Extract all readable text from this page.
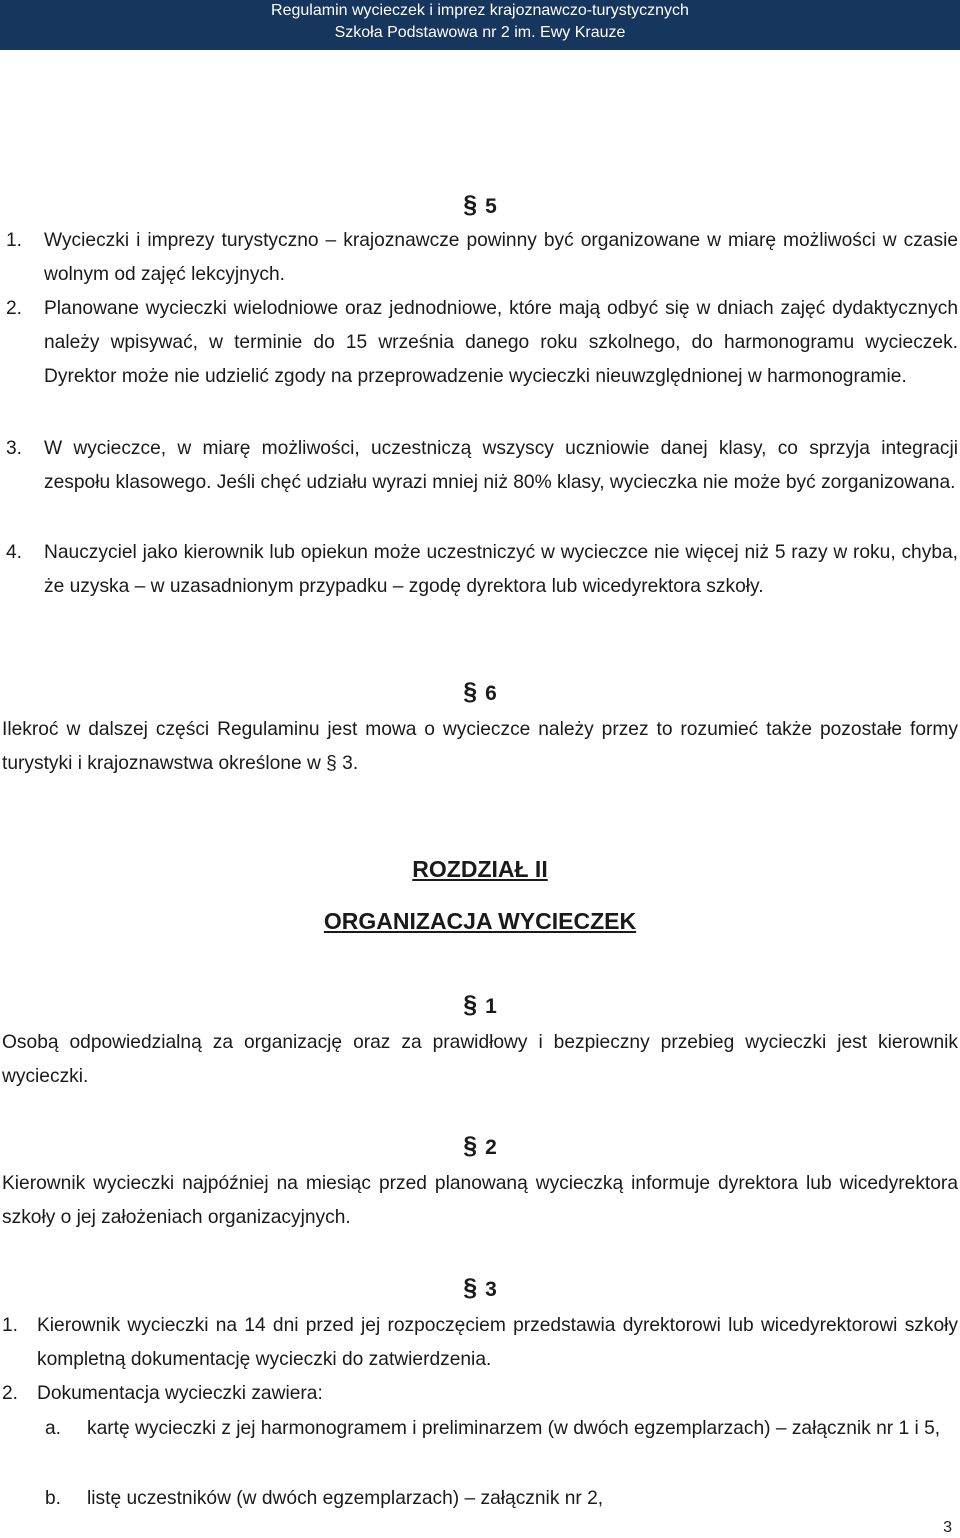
Regulamin wycieczek i imprez krajoznawczo-turystycznych
Szkoła Podstawowa nr 2 im. Ewy Krauze
§ 5
1. Wycieczki i imprezy turystyczno – krajoznawcze powinny być organizowane w miarę możliwości w czasie wolnym od zajęć lekcyjnych.
2. Planowane wycieczki wielodniowe oraz jednodniowe, które mają odbyć się w dniach zajęć dydaktycznych należy wpisywać, w terminie do 15 września danego roku szkolnego, do harmonogramu wycieczek. Dyrektor może nie udzielić zgody na przeprowadzenie wycieczki nieuwzględnionej w harmonogramie.
3. W wycieczce, w miarę możliwości, uczestniczą wszyscy uczniowie danej klasy, co sprzyja integracji zespołu klasowego. Jeśli chęć udziału wyrazi mniej niż 80% klasy, wycieczka nie może być zorganizowana.
4. Nauczyciel jako kierownik lub opiekun może uczestniczyć w wycieczce nie więcej niż 5 razy w roku, chyba, że uzyska – w uzasadnionym przypadku – zgodę dyrektora lub wicedyrektora szkoły.
§ 6
Ilekroć w dalszej części Regulaminu jest mowa o wycieczce należy przez to rozumieć także pozostałe formy turystyki i krajoznawstwa określone w § 3.
ROZDZIAŁ II
ORGANIZACJA WYCIECZEK
§ 1
Osobą odpowiedzialną za organizację oraz za prawidłowy i bezpieczny przebieg wycieczki jest kierownik wycieczki.
§ 2
Kierownik wycieczki najpóźniej na miesiąc przed planowaną wycieczką informuje dyrektora lub wicedyrektora szkoły o jej założeniach organizacyjnych.
§ 3
1. Kierownik wycieczki na 14 dni przed jej rozpoczęciem przedstawia dyrektorowi lub wicedyrektorowi szkoły kompletną dokumentację wycieczki do zatwierdzenia.
2. Dokumentacja wycieczki zawiera:
a. kartę wycieczki z jej harmonogramem i preliminarzem (w dwóch egzemplarzach) – załącznik nr 1 i 5,
b. listę uczestników (w dwóch egzemplarzach) – załącznik nr 2,
3
